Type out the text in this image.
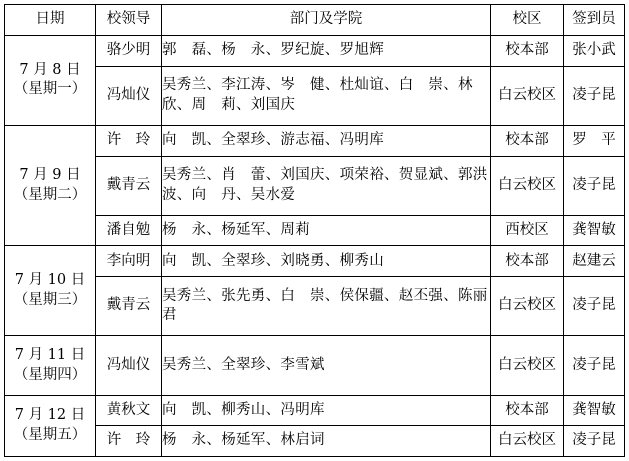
日期	校领导	部门及学院	校区	签到员

7 月 8 日
（星期一）	骆少明	郭　磊、杨　永、罗纪旋、罗旭辉	校本部	张小武
	冯灿仪	吴秀兰、李江涛、岑　健、杜灿谊、白　崇、林　欣、周　莉、刘国庆	白云校区	凌子昆

7 月 9 日
（星期二）	许　玲	向　凯、全翠珍、游志福、冯明库	校本部	罗　平
	戴青云	吴秀兰、肖　蕾、刘国庆、项荣裕、贺显斌、郭洪波、向　丹、吴水爱	白云校区	凌子昆
	潘自勉	杨　永、杨延军、周莉	西校区	龚智敏

7 月 10 日
（星期三）	李向明	向　凯、全翠珍、刘晓勇、柳秀山	校本部	赵建云
	戴青云	吴秀兰、张先勇、白　崇、侯保疆、赵丕强、陈丽君	白云校区	凌子昆

7 月 11 日
（星期四）	冯灿仪	吴秀兰、全翠珍、李雪斌	白云校区	凌子昆

7 月 12 日
（星期五）	黄秋文	向　凯、柳秀山、冯明库	校本部	龚智敏
	许　玲	杨　永、杨延军、林启词	白云校区	凌子昆
